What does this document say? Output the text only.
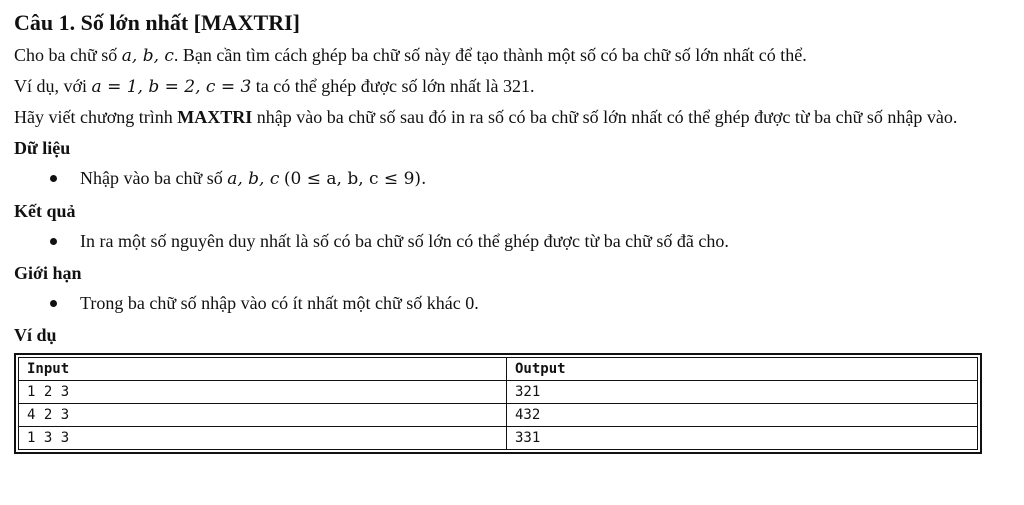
Câu 1. Số lớn nhất [MAXTRI]
Cho ba chữ số a, b, c. Bạn cần tìm cách ghép ba chữ số này để tạo thành một số có ba chữ số lớn nhất có thể.
Ví dụ, với a = 1, b = 2, c = 3 ta có thể ghép được số lớn nhất là 321.
Hãy viết chương trình MAXTRI nhập vào ba chữ số sau đó in ra số có ba chữ số lớn nhất có thể ghép được từ ba chữ số nhập vào.
Dữ liệu
Nhập vào ba chữ số a, b, c (0 ≤ a, b, c ≤ 9).
Kết quả
In ra một số nguyên duy nhất là số có ba chữ số lớn có thể ghép được từ ba chữ số đã cho.
Giới hạn
Trong ba chữ số nhập vào có ít nhất một chữ số khác 0.
Ví dụ
Input	Output
1 2 3	321
4 2 3	432
1 3 3	331
